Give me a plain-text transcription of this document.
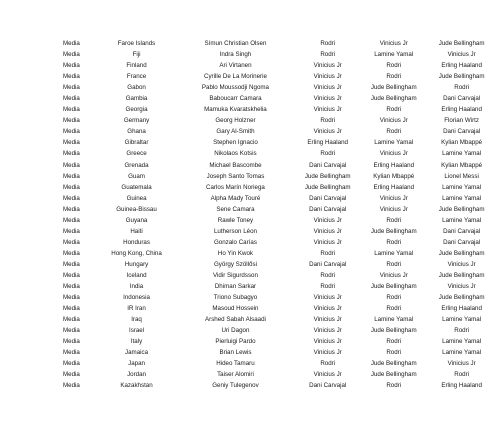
Media	Faroe Islands	Símun Christian Olsen	Rodri	Vinicius Jr	Jude Bellingham
Media	Fiji	Indra Singh	Rodri	Lamine Yamal	Vinicius Jr
Media	Finland	Ari Virtanen	Vinicius Jr	Rodri	Erling Haaland
Media	France	Cyrille De La Morinerie	Vinicius Jr	Rodri	Jude Bellingham
Media	Gabon	Pablo Moussodji Ngoma	Vinicius Jr	Jude Bellingham	Rodri
Media	Gambia	Baboucarr Camara	Vinicius Jr	Jude Bellingham	Dani Carvajal
Media	Georgia	Mamuka Kvaratskhelia	Vinicius Jr	Rodri	Erling Haaland
Media	Germany	Georg Holzner	Rodri	Vinicius Jr	Florian Wirtz
Media	Ghana	Gary Al-Smith	Vinicius Jr	Rodri	Dani Carvajal
Media	Gibraltar	Stephen Ignacio	Erling Haaland	Lamine Yamal	Kylian Mbappé
Media	Greece	Nikolaos Kotsis	Rodri	Vinicius Jr	Lamine Yamal
Media	Grenada	Michael Bascombe	Dani Carvajal	Erling Haaland	Kylian Mbappé
Media	Guam	Joseph Santo Tomas	Jude Bellingham	Kylian Mbappé	Lionel Messi
Media	Guatemala	Carlos Marín Noriega	Jude Bellingham	Erling Haaland	Lamine Yamal
Media	Guinea	Alpha Mady Touré	Dani Carvajal	Vinicius Jr	Lamine Yamal
Media	Guinea-Bissau	Sene Camara	Dani Carvajal	Vinicius Jr	Jude Bellingham
Media	Guyana	Rawle Toney	Vinicius Jr	Rodri	Lamine Yamal
Media	Haiti	Lutherson Léon	Vinicius Jr	Jude Bellingham	Dani Carvajal
Media	Honduras	Gonzalo Carías	Vinicius Jr	Rodri	Dani Carvajal
Media	Hong Kong, China	Ho Yin Kwok	Rodri	Lamine Yamal	Jude Bellingham
Media	Hungary	György Szöllősi	Dani Carvajal	Rodri	Vinicius Jr
Media	Iceland	Vidir Sigurdsson	Rodri	Vinicius Jr	Jude Bellingham
Media	India	Dhiman Sarkar	Rodri	Jude Bellingham	Vinicius Jr
Media	Indonesia	Triono Subagyo	Vinicius Jr	Rodri	Jude Bellingham
Media	IR Iran	Masoud Hossein	Vinicius Jr	Rodri	Erling Haaland
Media	Iraq	Arshed Sabah Alsaadi	Vinicius Jr	Lamine Yamal	Lamine Yamal
Media	Israel	Uri Dagon	Vinicius Jr	Jude Bellingham	Rodri
Media	Italy	Pierluigi Pardo	Vinicius Jr	Rodri	Lamine Yamal
Media	Jamaica	Brian Lewis	Vinicius Jr	Rodri	Lamine Yamal
Media	Japan	Hideo Tamaru	Rodri	Jude Bellingham	Vinicius Jr
Media	Jordan	Taiser Alomiri	Vinicius Jr	Jude Bellingham	Rodri
Media	Kazakhstan	Geniy Tulegenov	Dani Carvajal	Rodri	Erling Haaland
